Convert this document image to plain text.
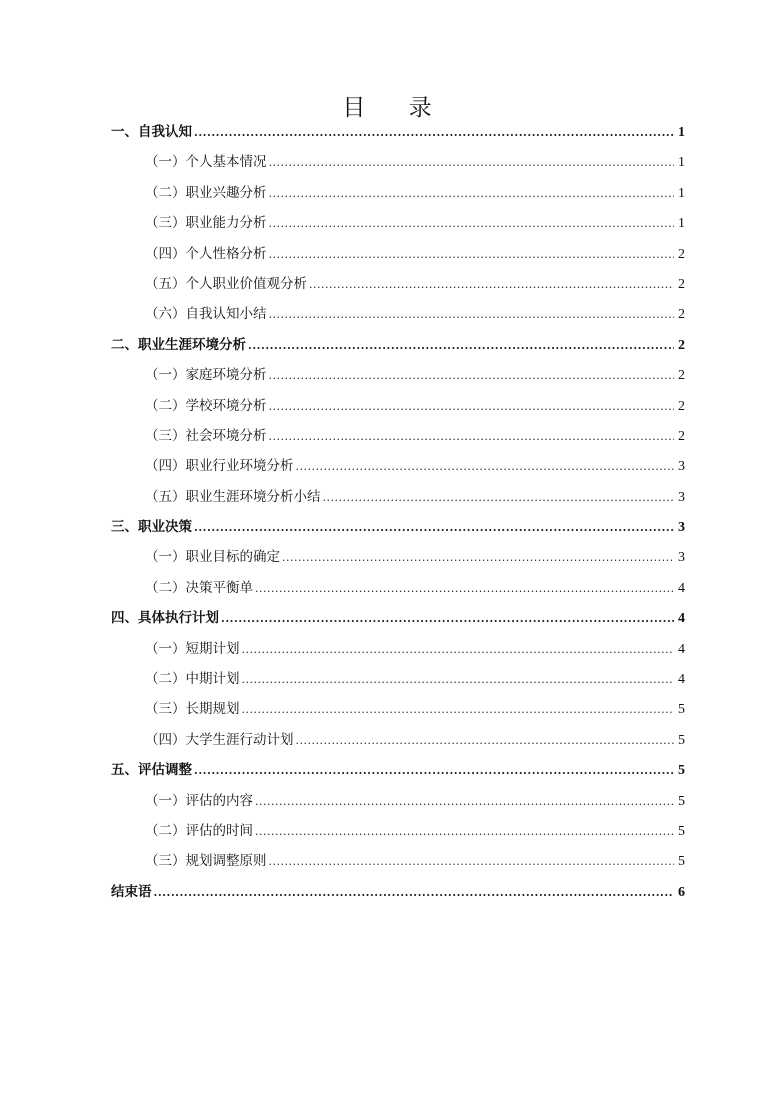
目 录
一、自我认知 .....	1
（一）个人基本情况 .....	1
（二）职业兴趣分析 .....	1
（三）职业能力分析 .....	1
（四）个人性格分析 .....	2
（五）个人职业价值观分析 .....	2
（六）自我认知小结 .....	2
二、职业生涯环境分析 .....	2
（一）家庭环境分析 .....	2
（二）学校环境分析 .....	2
（三）社会环境分析 .....	2
（四）职业行业环境分析 .....	3
（五）职业生涯环境分析小结 .....	3
三、职业决策 .....	3
（一）职业目标的确定 .....	3
（二）决策平衡单 .....	4
四、具体执行计划 .....	4
（一）短期计划 .....	4
（二）中期计划 .....	4
（三）长期规划 .....	5
（四）大学生涯行动计划 .....	5
五、评估调整 .....	5
（一）评估的内容 .....	5
（二）评估的时间 .....	5
（三）规划调整原则 .....	5
结束语 .....	6
